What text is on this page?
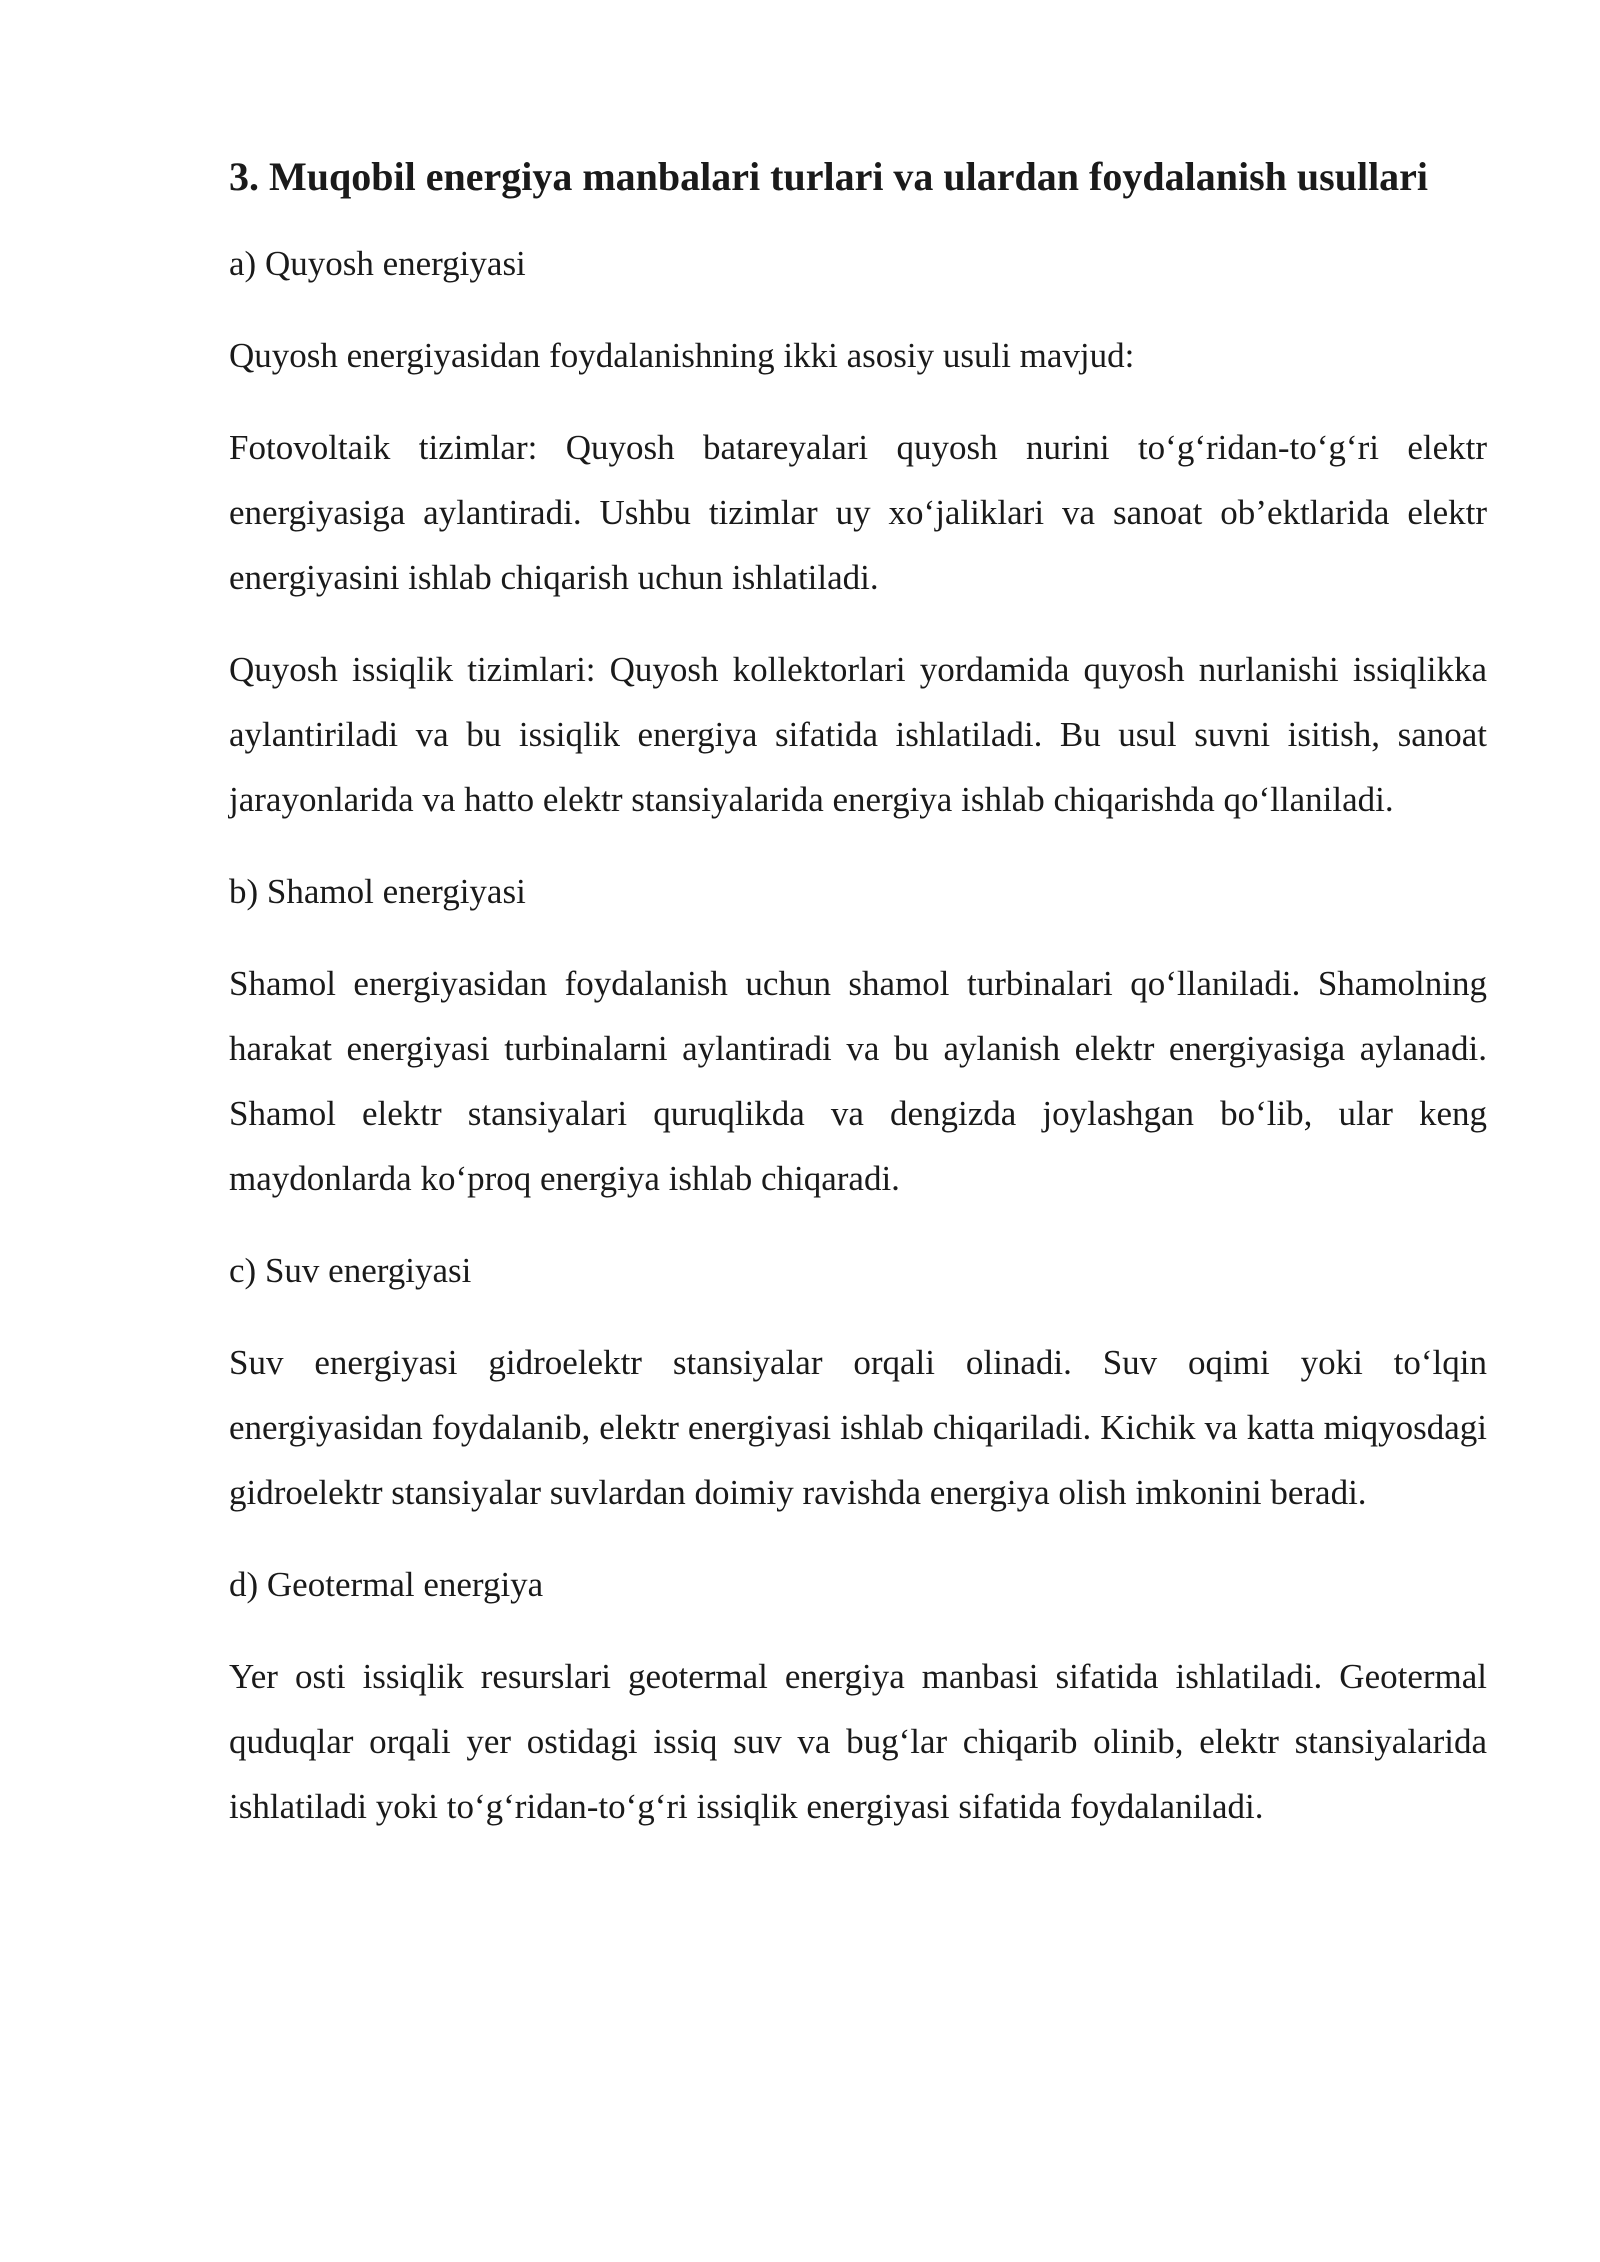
3. Muqobil energiya manbalari turlari va ulardan foydalanish usullari
a) Quyosh energiyasi

Quyosh energiyasidan foydalanishning ikki asosiy usuli mavjud:

Fotovoltaik tizimlar: Quyosh batareyalari quyosh nurini to‘g‘ridan-to‘g‘ri elektr energiyasiga aylantiradi. Ushbu tizimlar uy xo‘jaliklari va sanoat ob’ektlarida elektr energiyasini ishlab chiqarish uchun ishlatiladi.

Quyosh issiqlik tizimlari: Quyosh kollektorlari yordamida quyosh nurlanishi issiqlikka aylantiriladi va bu issiqlik energiya sifatida ishlatiladi. Bu usul suvni isitish, sanoat jarayonlarida va hatto elektr stansiyalarida energiya ishlab chiqarishda qo‘llaniladi.

b) Shamol energiyasi

Shamol energiyasidan foydalanish uchun shamol turbinalari qo‘llaniladi. Shamolning harakat energiyasi turbinalarni aylantiradi va bu aylanish elektr energiyasiga aylanadi. Shamol elektr stansiyalari quruqlikda va dengizda joylashgan bo‘lib, ular keng maydonlarda ko‘proq energiya ishlab chiqaradi.

c) Suv energiyasi

Suv energiyasi gidroelektr stansiyalar orqali olinadi. Suv oqimi yoki to‘lqin energiyasidan foydalanib, elektr energiyasi ishlab chiqariladi. Kichik va katta miqyosdagi gidroelektr stansiyalar suvlardan doimiy ravishda energiya olish imkonini beradi.

d) Geotermal energiya

Yer osti issiqlik resurslari geotermal energiya manbasi sifatida ishlatiladi. Geotermal quduqlar orqali yer ostidagi issiq suv va bug‘lar chiqarib olinib, elektr stansiyalarida ishlatiladi yoki to‘g‘ridan-to‘g‘ri issiqlik energiyasi sifatida foydalaniladi.
